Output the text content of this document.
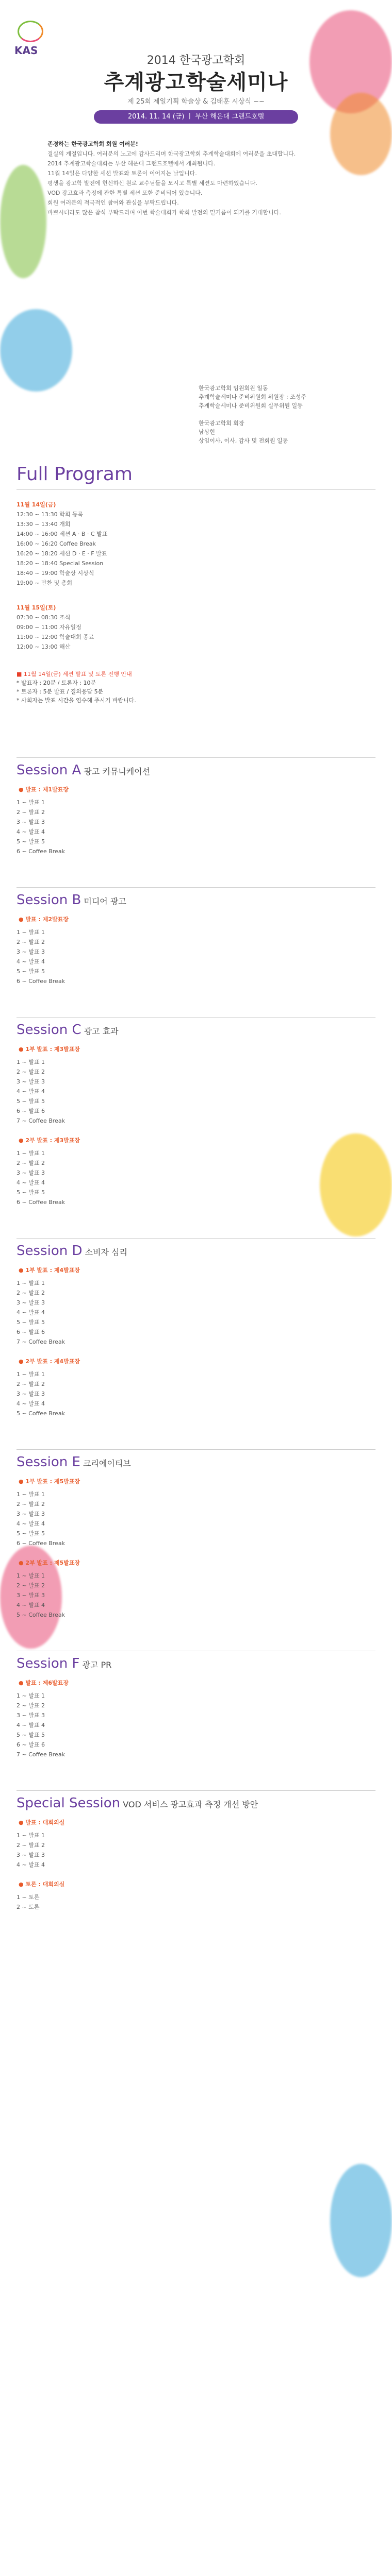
KAS
2014 한국광고학회
추계광고학술세미나
제 25회 제일기획 학술상 & 김태훈 시상식 ~~
2014. 11. 14 (금) ㅣ 부산 해운대 그랜드호텔

존경하는 한국광고학회 회원 여러분!

결실의 계절입니다. 여러분의 노고에 감사드리며 한국광고학회 추계학술대회에 여러분을 초대합니다.

2014 추계광고학술대회는 부산 해운대 그랜드호텔에서 개최됩니다.

11월 14일은 다양한 세션 발표와 토론이 이어지는 날입니다.

평생을 광고학 발전에 헌신하신 원로 교수님들을 모시고 특별 세션도 마련하였습니다.

VOD 광고효과 측정에 관한 특별 세션 또한 준비되어 있습니다.

회원 여러분의 적극적인 참여와 관심을 부탁드립니다.

바쁘시더라도 많은 참석 부탁드리며 이번 학술대회가 학회 발전의 밑거름이 되기를 기대합니다.

한국광고학회 임원회원 일동
추계학술세미나 준비위원회 위원장 : 조성주
추계학술세미나 준비위원회 실무위원 일동

한국광고학회 회장
남상현
상임이사, 이사, 감사 및 전회원 일동
Full Program
11월 14일(금)
12:30 ~ 13:30 학회 등록
13:30 ~ 13:40 개회
14:00 ~ 16:00 세션 A · B · C 발표
16:00 ~ 16:20 Coffee Break
16:20 ~ 18:20 세션 D · E · F 발표
18:20 ~ 18:40 Special Session
18:40 ~ 19:00 학술상 시상식
19:00 ~ 만찬 및 총회
11월 15일(토)
07:30 ~ 08:30 조식
09:00 ~ 11:00 자유일정
11:00 ~ 12:00 학술대회 종료
12:00 ~ 13:00 해산
■ 11월 14일(금) 세션 발표 및 토론 진행 안내
* 발표자 : 20분 / 토론자 : 10분
* 토론자 : 5분 발표 / 질의응답 5분
* 사회자는 발표 시간을 엄수해 주시기 바랍니다.
Session A 광고 커뮤니케이션
● 발표 : 제1발표장
1 ~ 발표 1
2 ~ 발표 2
3 ~ 발표 3
4 ~ 발표 4
5 ~ 발표 5
6 ~ Coffee Break
Session B 미디어 광고
● 발표 : 제2발표장
1 ~ 발표 1
2 ~ 발표 2
3 ~ 발표 3
4 ~ 발표 4
5 ~ 발표 5
6 ~ Coffee Break
Session C 광고 효과
● 1부 발표 : 제3발표장
1 ~ 발표 1
2 ~ 발표 2
3 ~ 발표 3
4 ~ 발표 4
5 ~ 발표 5
6 ~ 발표 6
7 ~ Coffee Break
● 2부 발표 : 제3발표장
1 ~ 발표 1
2 ~ 발표 2
3 ~ 발표 3
4 ~ 발표 4
5 ~ 발표 5
6 ~ Coffee Break
Session D 소비자 심리
● 1부 발표 : 제4발표장
1 ~ 발표 1
2 ~ 발표 2
3 ~ 발표 3
4 ~ 발표 4
5 ~ 발표 5
6 ~ 발표 6
7 ~ Coffee Break
● 2부 발표 : 제4발표장
1 ~ 발표 1
2 ~ 발표 2
3 ~ 발표 3
4 ~ 발표 4
5 ~ Coffee Break
Session E 크리에이티브
● 1부 발표 : 제5발표장
1 ~ 발표 1
2 ~ 발표 2
3 ~ 발표 3
4 ~ 발표 4
5 ~ 발표 5
6 ~ Coffee Break
● 2부 발표 : 제5발표장
1 ~ 발표 1
2 ~ 발표 2
3 ~ 발표 3
4 ~ 발표 4
5 ~ Coffee Break
Session F 광고 PR
● 발표 : 제6발표장
1 ~ 발표 1
2 ~ 발표 2
3 ~ 발표 3
4 ~ 발표 4
5 ~ 발표 5
6 ~ 발표 6
7 ~ Coffee Break
Special Session VOD 서비스 광고효과 측정 개선 방안
● 발표 : 대회의실
1 ~ 발표 1
2 ~ 발표 2
3 ~ 발표 3
4 ~ 발표 4
● 토론 : 대회의실
1 ~ 토론
2 ~ 토론
